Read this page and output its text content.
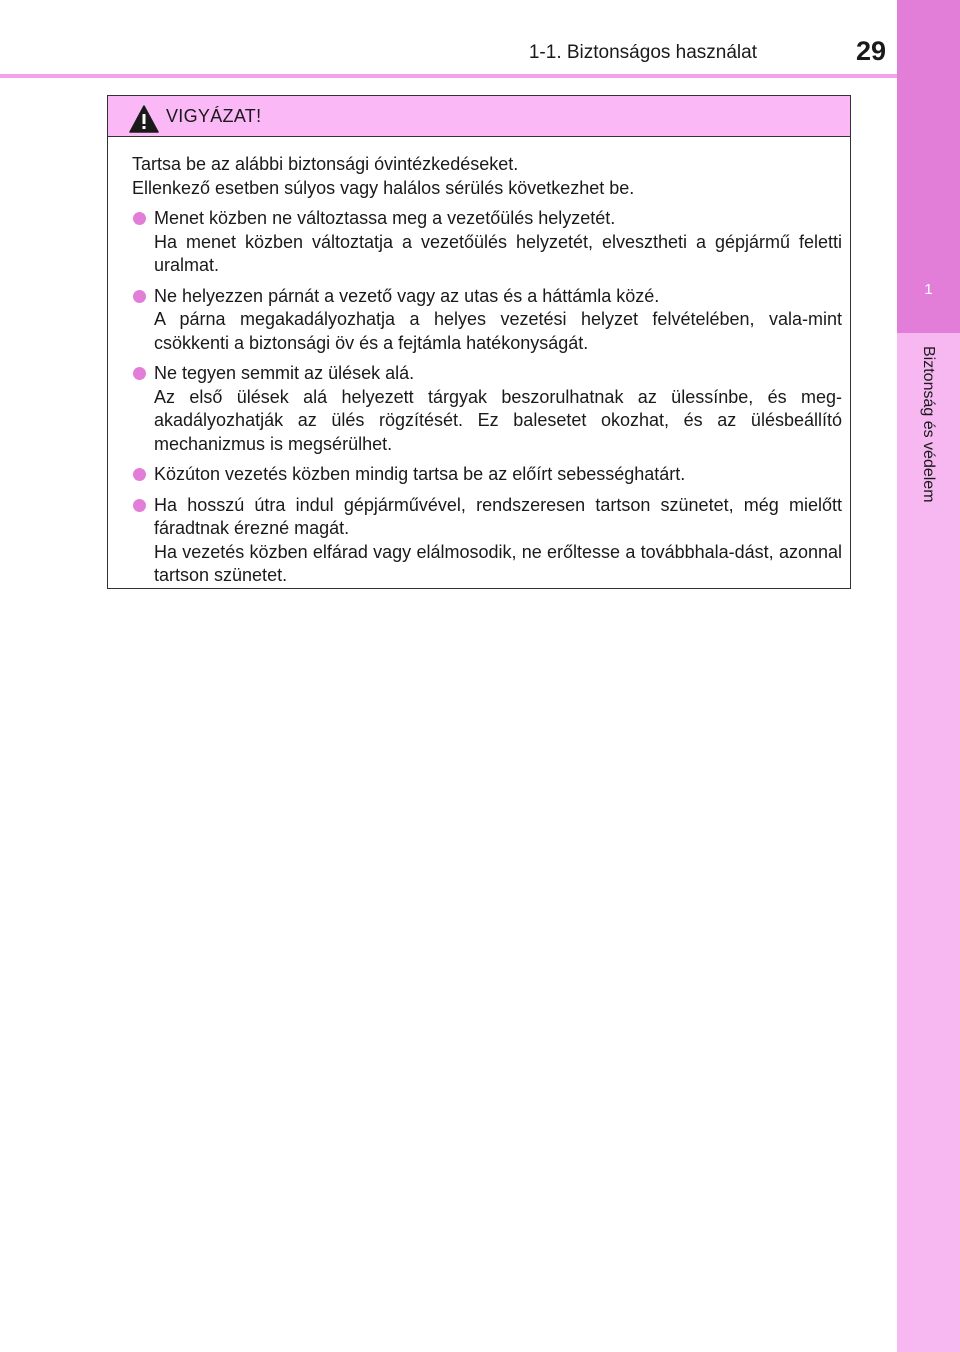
1
Biztonság és védelem
1-1. Biztonságos használat	29
VIGYÁZAT!

Tartsa be az alábbi biztonsági óvintézkedéseket.

Ellenkező esetben súlyos vagy halálos sérülés következhet be.

Menet közben ne változtassa meg a vezetőülés helyzetét.

Ha menet közben változtatja a vezetőülés helyzetét, elvesztheti a gépjármű feletti uralmat.

Ne helyezzen párnát a vezető vagy az utas és a háttámla közé.

A párna megakadályozhatja a helyes vezetési helyzet felvételében, vala-mint csökkenti a biztonsági öv és a fejtámla hatékonyságát.

Ne tegyen semmit az ülések alá.

Az első ülések alá helyezett tárgyak beszorulhatnak az ülessínbe, és meg-akadályozhatják az ülés rögzítését. Ez balesetet okozhat, és az ülésbeállító mechanizmus is megsérülhet.

Közúton vezetés közben mindig tartsa be az előírt sebességhatárt.

Ha hosszú útra indul gépjárművével, rendszeresen tartson szünetet, még mielőtt fáradtnak érezné magát.

Ha vezetés közben elfárad vagy elálmosodik, ne erőltesse a továbbhala-dást, azonnal tartson szünetet.
